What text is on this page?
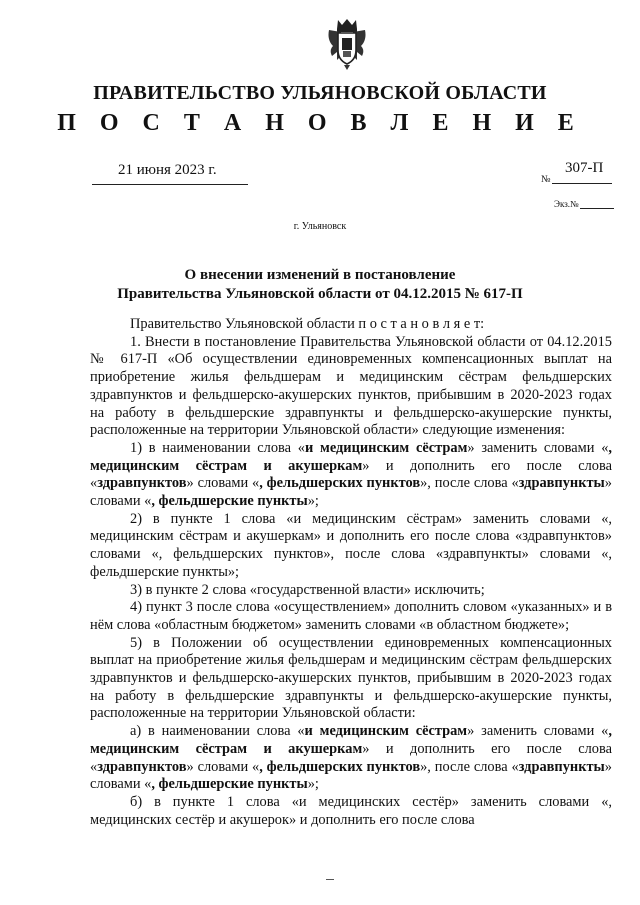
ПРАВИТЕЛЬСТВО УЛЬЯНОВСКОЙ ОБЛАСТИ
П О С Т А Н О В Л Е Н И Е
21 июня 2023 г.
№
307-П
Экз.№
г. Ульяновск
О внесении изменений в постановление
Правительства Ульяновской области от 04.12.2015 № 617-П

Правительство Ульяновской области п о с т а н о в л я е т:

1. Внести в постановление Правительства Ульяновской области от 04.12.2015 № 617-П «Об осуществлении единовременных компенсационных выплат на приобретение жилья фельдшерам и медицинским сёстрам фельдшерских здравпунктов и фельдшерско-акушерских пунктов, прибывшим в 2020-2023 годах на работу в фельдшерские здравпункты и фельдшерско-акушерские пункты, расположенные на территории Ульяновской области» следующие изменения:

1) в наименовании слова «и медицинским сёстрам» заменить словами «, медицинским сёстрам и акушеркам» и дополнить его после слова «здравпунктов» словами «, фельдшерских пунктов», после слова «здравпункты» словами «, фельдшерские пункты»;

2) в пункте 1 слова «и медицинским сёстрам» заменить словами «, медицинским сёстрам и акушеркам» и дополнить его после слова «здравпунктов» словами «, фельдшерских пунктов», после слова «здравпункты» словами «, фельдшерские пункты»;

3) в пункте 2 слова «государственной власти» исключить;

4) пункт 3 после слова «осуществлением» дополнить словом «указанных» и в нём слова «областным бюджетом» заменить словами «в областном бюджете»;

5) в Положении об осуществлении единовременных компенсационных выплат на приобретение жилья фельдшерам и медицинским сёстрам фельдшерских здравпунктов и фельдшерско-акушерских пунктов, прибывшим в 2020-2023 годах на работу в фельдшерские здравпункты и фельдшерско-акушерские пункты, расположенные на территории Ульяновской области:

а) в наименовании слова «и медицинским сёстрам» заменить словами «, медицинским сёстрам и акушеркам» и дополнить его после слова «здравпунктов» словами «, фельдшерских пунктов», после слова «здравпункты» словами «, фельдшерские пункты»;

б) в пункте 1 слова «и медицинских сестёр» заменить словами «, медицинских сестёр и акушерок» и дополнить его после слова
